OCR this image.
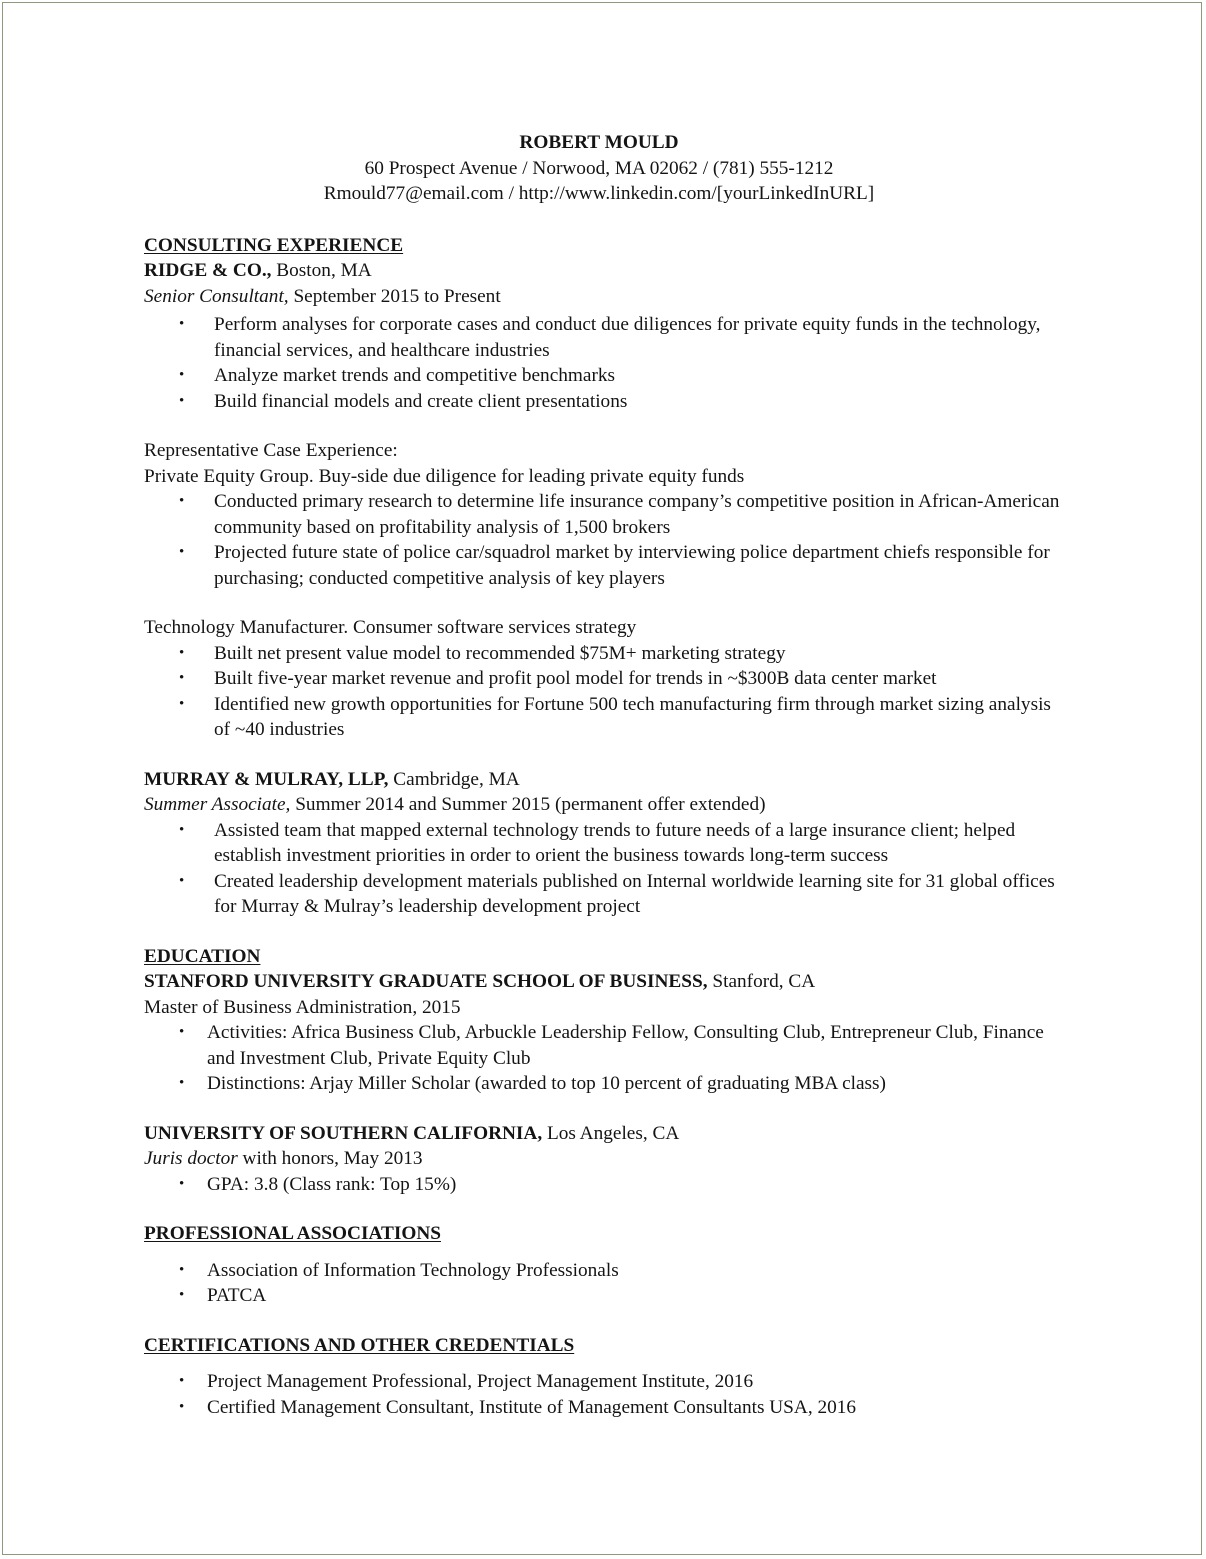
ROBERT MOULD
60 Prospect Avenue / Norwood, MA 02062 / (781) 555-1212
Rmould77@email.com / http://www.linkedin.com/[yourLinkedInURL]
CONSULTING EXPERIENCE
RIDGE & CO., Boston, MA
Senior Consultant, September 2015 to Present
• Perform analyses for corporate cases and conduct due diligences for private equity funds in the technology, financial services, and healthcare industries
• Analyze market trends and competitive benchmarks
• Build financial models and create client presentations
Representative Case Experience:
Private Equity Group. Buy-side due diligence for leading private equity funds
• Conducted primary research to determine life insurance company’s competitive position in African-American community based on profitability analysis of 1,500 brokers
• Projected future state of police car/squadrol market by interviewing police department chiefs responsible for purchasing; conducted competitive analysis of key players
Technology Manufacturer. Consumer software services strategy
• Built net present value model to recommended $75M+ marketing strategy
• Built five-year market revenue and profit pool model for trends in ~$300B data center market
• Identified new growth opportunities for Fortune 500 tech manufacturing firm through market sizing analysis of ~40 industries
MURRAY & MULRAY, LLP, Cambridge, MA
Summer Associate, Summer 2014 and Summer 2015 (permanent offer extended)
• Assisted team that mapped external technology trends to future needs of a large insurance client; helped establish investment priorities in order to orient the business towards long-term success
• Created leadership development materials published on Internal worldwide learning site for 31 global offices for Murray & Mulray’s leadership development project
EDUCATION
STANFORD UNIVERSITY GRADUATE SCHOOL OF BUSINESS, Stanford, CA
Master of Business Administration, 2015
• Activities: Africa Business Club, Arbuckle Leadership Fellow, Consulting Club, Entrepreneur Club, Finance and Investment Club, Private Equity Club
• Distinctions: Arjay Miller Scholar (awarded to top 10 percent of graduating MBA class)
UNIVERSITY OF SOUTHERN CALIFORNIA, Los Angeles, CA
Juris doctor with honors, May 2013
• GPA: 3.8 (Class rank: Top 15%)
PROFESSIONAL ASSOCIATIONS
• Association of Information Technology Professionals
• PATCA
CERTIFICATIONS AND OTHER CREDENTIALS
• Project Management Professional, Project Management Institute, 2016
• Certified Management Consultant, Institute of Management Consultants USA, 2016
